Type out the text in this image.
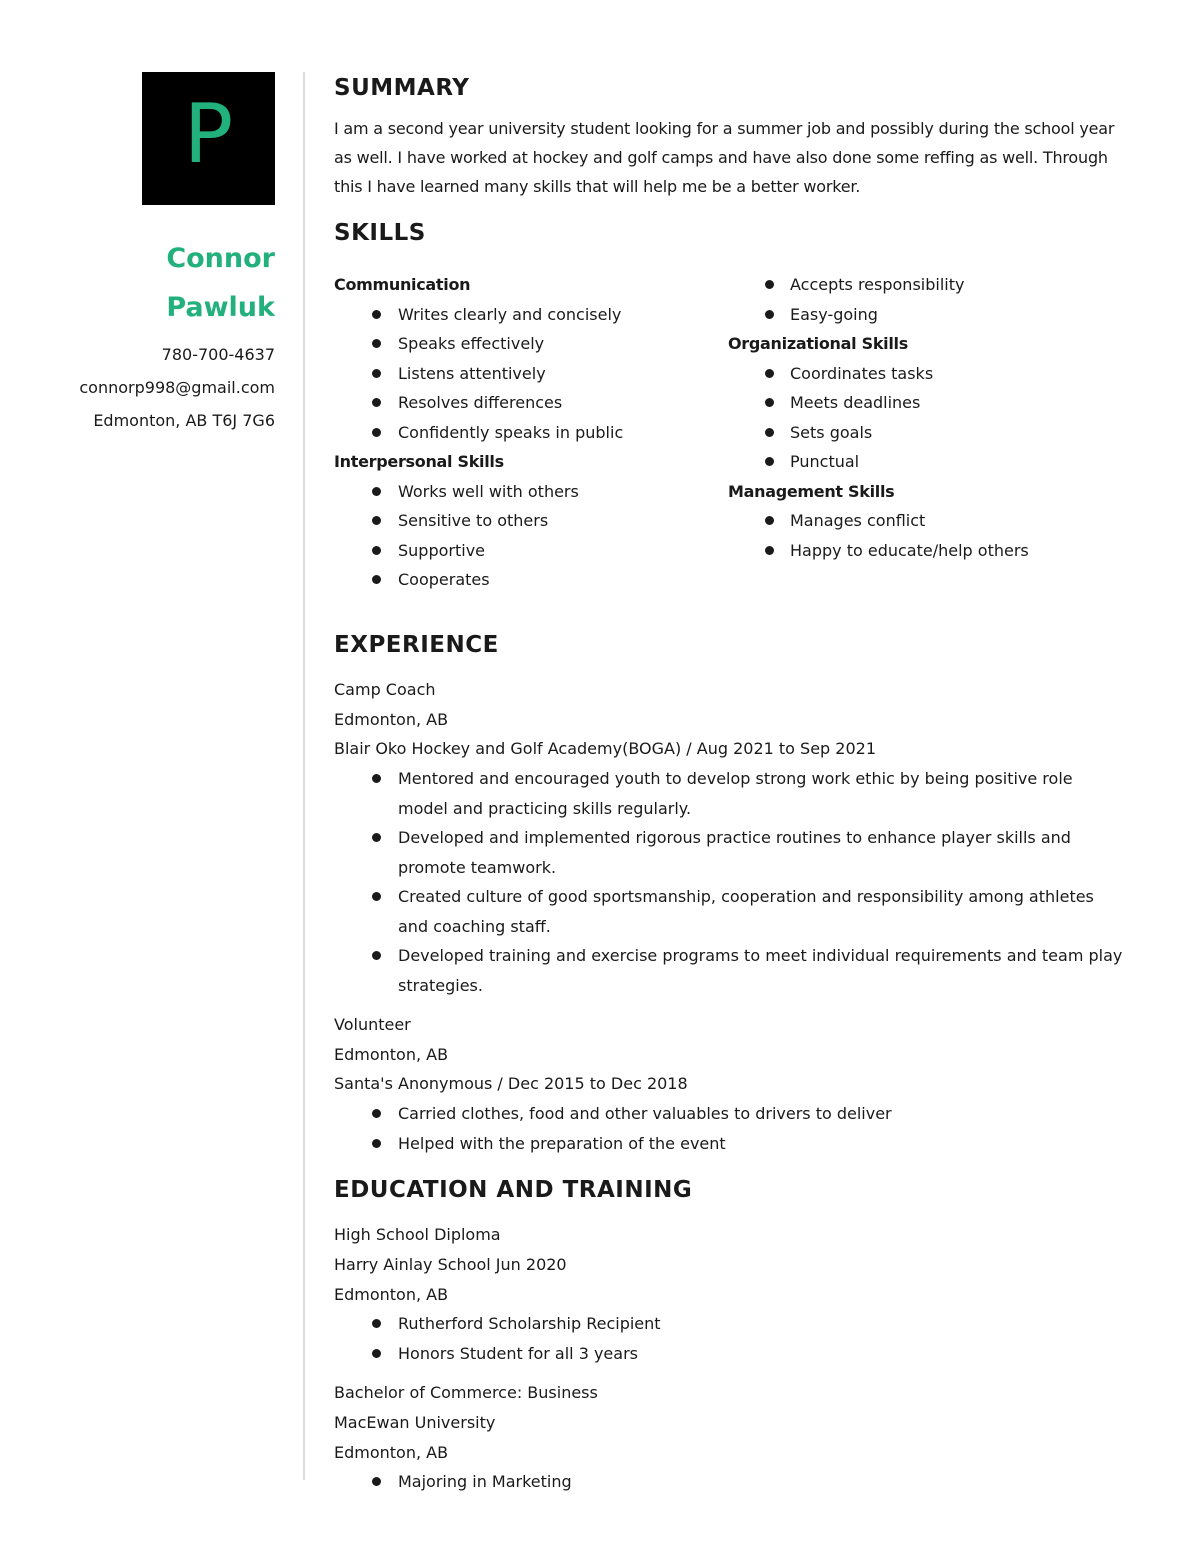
P
Connor
Pawluk
780-700-4637
connorp998@gmail.com
Edmonton, AB T6J 7G6
SUMMARY

I am a second year university student looking for a summer job and possibly during the school year as well. I have worked at hockey and golf camps and have also done some reffing as well. Through this I have learned many skills that will help me be a better worker.

SKILLS
Communication
Writes clearly and concisely
Speaks effectively
Listens attentively
Resolves differences
Confidently speaks in public
Interpersonal Skills
Works well with others
Sensitive to others
Supportive
Cooperates
Accepts responsibility
Easy-going
Organizational Skills
Coordinates tasks
Meets deadlines
Sets goals
Punctual
Management Skills
Manages conflict
Happy to educate/help others
EXPERIENCE
Camp Coach
Edmonton, AB
Blair Oko Hockey and Golf Academy(BOGA) / Aug 2021 to Sep 2021
Mentored and encouraged youth to develop strong work ethic by being positive role model and practicing skills regularly.
Developed and implemented rigorous practice routines to enhance player skills and promote teamwork.
Created culture of good sportsmanship, cooperation and responsibility among athletes and coaching staff.
Developed training and exercise programs to meet individual requirements and team play strategies.
Volunteer
Edmonton, AB
Santa's Anonymous / Dec 2015 to Dec 2018
Carried clothes, food and other valuables to drivers to deliver
Helped with the preparation of the event
EDUCATION AND TRAINING
High School Diploma
Harry Ainlay School Jun 2020
Edmonton, AB
Rutherford Scholarship Recipient
Honors Student for all 3 years
Bachelor of Commerce: Business
MacEwan University
Edmonton, AB
Majoring in Marketing
